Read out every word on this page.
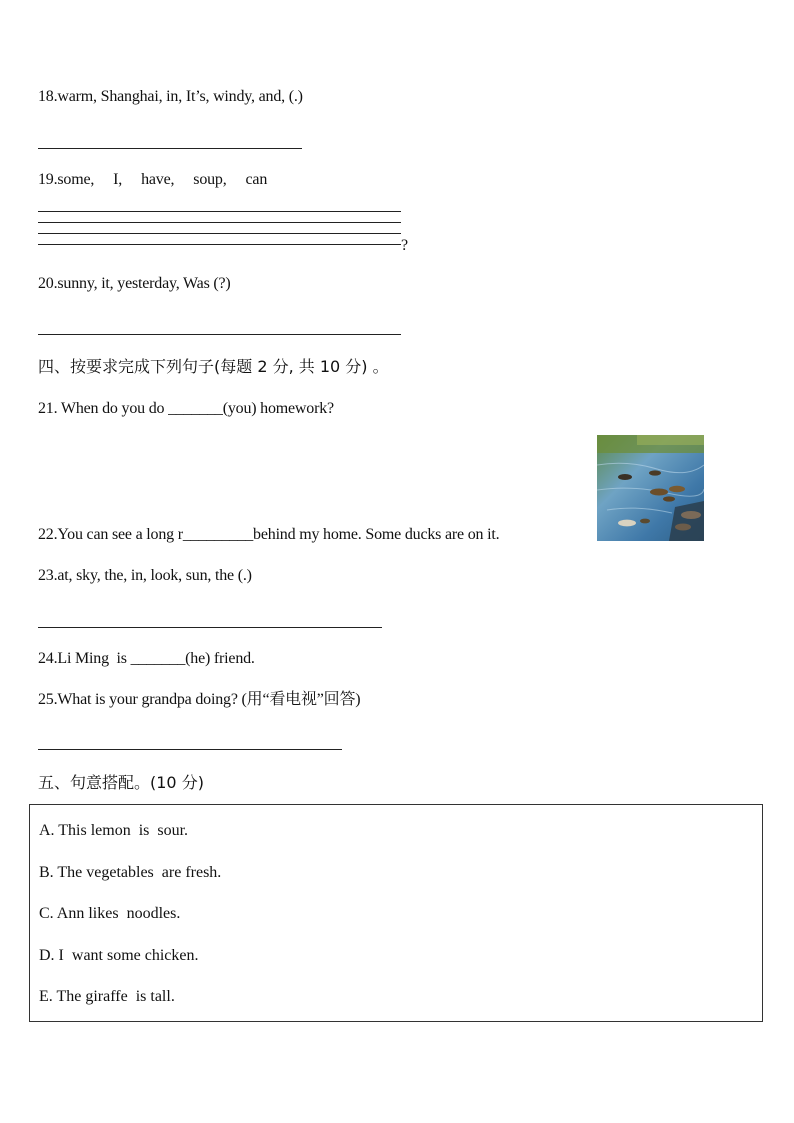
18.warm, Shanghai, in, It’s, windy, and, (.)
19.some,     I,     have,     soup,     can
?
20.sunny, it, yesterday, Was (?)
四、按要求完成下列句子(每题 2 分, 共 10 分) 。
21. When do you do _______(you) homework?
22.You can see a long r_________behind my home. Some ducks are on it.
23.at, sky, the, in, look, sun, the (.)
24.Li Ming  is _______(he) friend.
25.What is your grandpa doing? (用“看电视”回答)
五、句意搭配。(10 分)
A. This lemon  is  sour.
B. The vegetables  are fresh.
C. Ann likes  noodles.
D. I  want some chicken.
E. The giraffe  is tall.
